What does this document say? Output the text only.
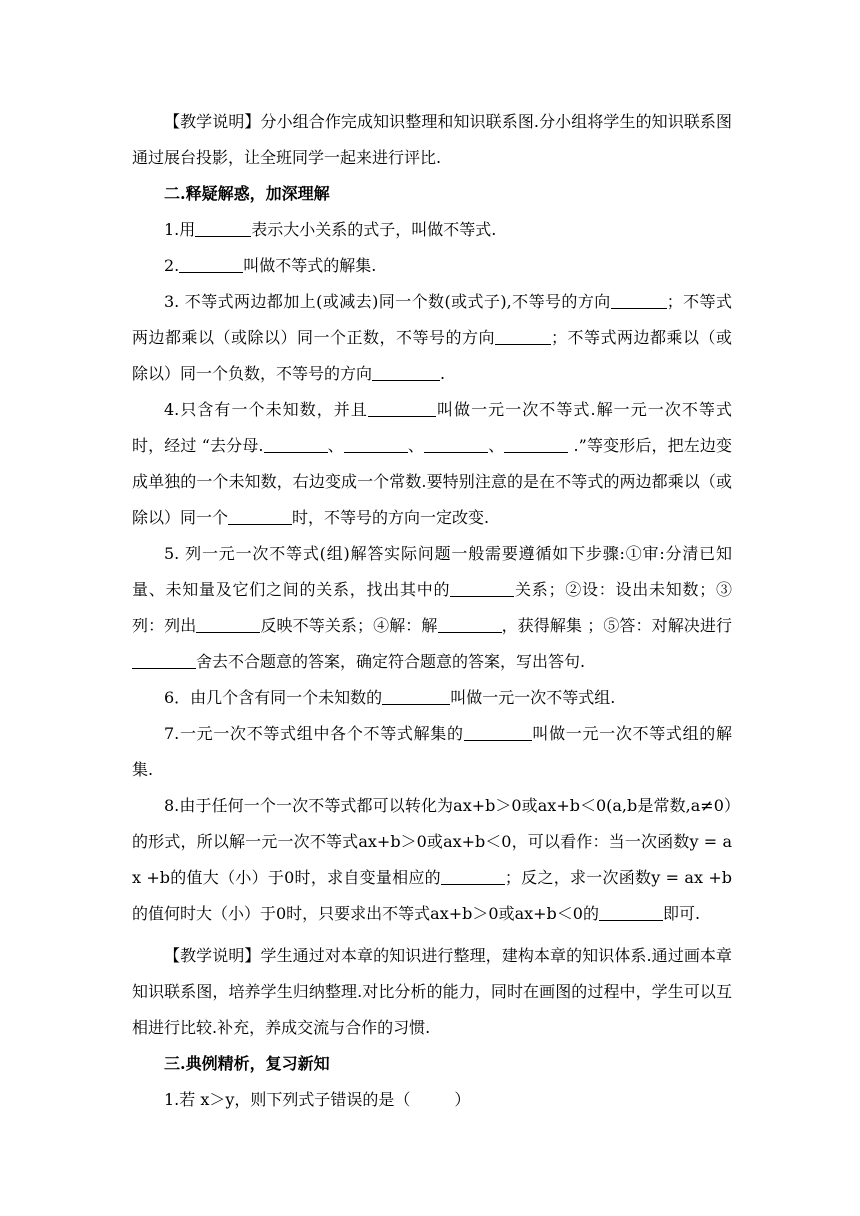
【教学说明】分小组合作完成知识整理和知识联系图.分小组将学生的知识联系图通过展台投影，让全班同学一起来进行评比.

二.释疑解惑，加深理解

1.用	表示大小关系的式子，叫做不等式.

2.	叫做不等式的解集.

3. 不等式两边都加上(或减去)同一个数(或式子),不等号的方向	；不等式两边都乘以（或除以）同一个正数，不等号的方向	；不等式两边都乘以（或除以）同一个负数，不等号的方向	.

4.只含有一个未知数，并且	叫做一元一次不等式.解一元一次不等式时，经过 “去分母.	、	、	、	.”等变形后，把左边变成单独的一个未知数，右边变成一个常数.要特别注意的是在不等式的两边都乘以（或除以）同一个	时，不等号的方向一定改变.

5. 列一元一次不等式(组)解答实际问题一般需要遵循如下步骤:①审:分清已知量、未知量及它们之间的关系，找出其中的	关系；②设：设出未知数；③列：列出	反映不等关系；④解：解	，获得解集 ；⑤答：对解决进行舍去不合题意的答案，确定符合题意的答案，写出答句.

6．由几个含有同一个未知数的	叫做一元一次不等式组.

7.一元一次不等式组中各个不等式解集的	叫做一元一次不等式组的解集.

8.由于任何一个一次不等式都可以转化为ax+b＞0或ax+b＜0(a,b是常数,a≠0）的形式，所以解一元一次不等式ax+b＞0或ax+b＜0，可以看作：当一次函数y = ax +b的值大（小）于0时，求自变量相应的	；反之，求一次函数y = ax +b的值何时大（小）于0时，只要求出不等式ax+b＞0或ax+b＜0的	即可.

【教学说明】学生通过对本章的知识进行整理，建构本章的知识体系.通过画本章知识联系图，培养学生归纳整理.对比分析的能力，同时在画图的过程中，学生可以互相进行比较.补充，养成交流与合作的习惯.

三.典例精析，复习新知

1.若 x＞y，则下列式子错误的是（	）
